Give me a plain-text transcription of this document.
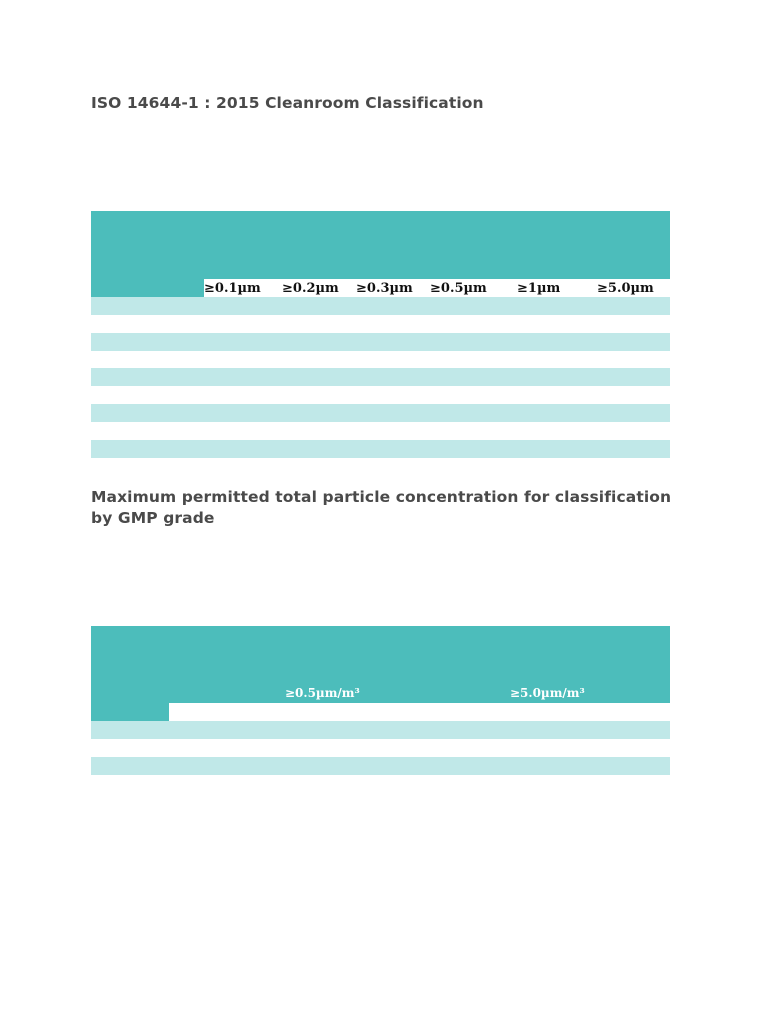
ISO 14644-1 : 2015 Cleanroom Classification
≥0.1µm ≥0.2µm ≥0.3µm ≥0.5µm ≥1µm	≥5.0µm
Maximum permitted total particle concentration for classification by GMP grade
≥0.5µm/m³	≥5.0µm/m³
